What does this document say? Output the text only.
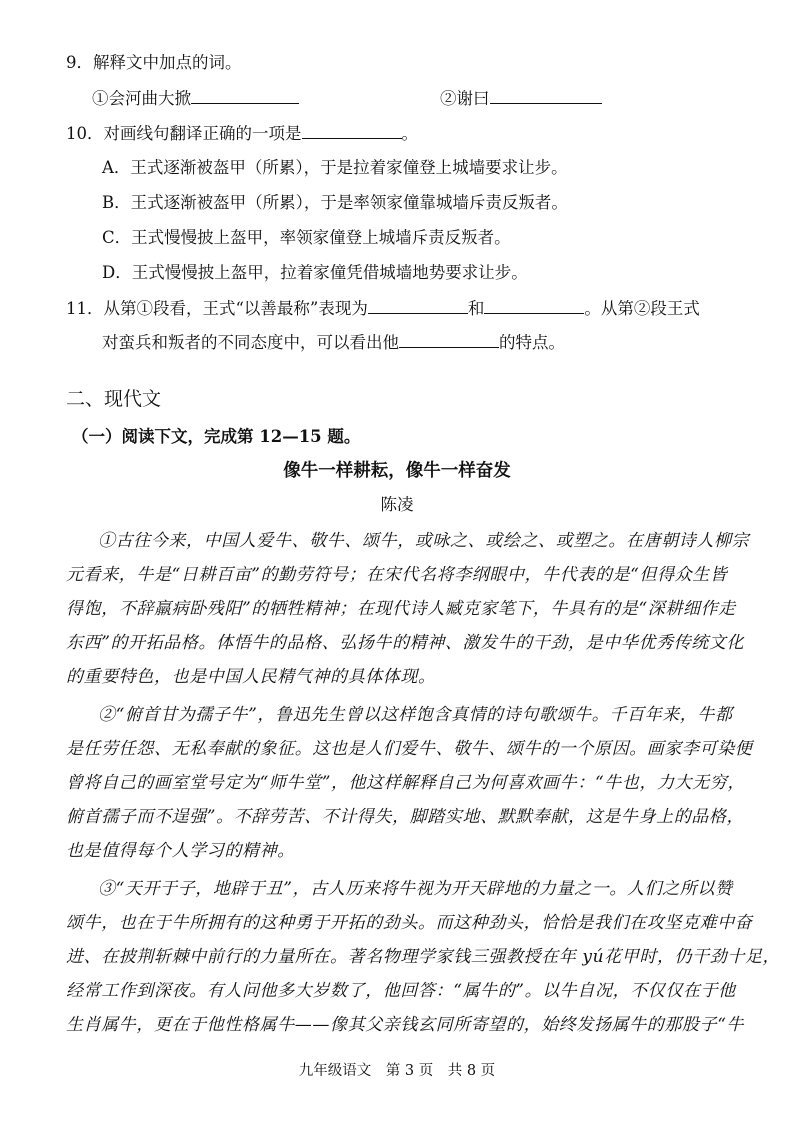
9．解释文中加点的词。
①会河曲大掀	②谢曰
10．对画线句翻译正确的一项是	。
A．王式逐渐被盔甲（所累），于是拉着家僮登上城墙要求让步。
B．王式逐渐被盔甲（所累），于是率领家僮靠城墙斥责反叛者。
C．王式慢慢披上盔甲，率领家僮登上城墙斥责反叛者。
D．王式慢慢披上盔甲，拉着家僮凭借城墙地势要求让步。
11．从第①段看，王式“以善最称”表现为	和	。从第②段王式
对蛮兵和叛者的不同态度中，可以看出他	的特点。
二、现代文
（一）阅读下文，完成第 12—15 题。
像牛一样耕耘，像牛一样奋发
陈凌
①古往今来，中国人爱牛、敬牛、颂牛，或咏之、或绘之、或塑之。在唐朝诗人柳宗
元看来，牛是“日耕百亩”的勤劳符号；在宋代名将李纲眼中，牛代表的是“但得众生皆
得饱，不辞羸病卧残阳”的牺牲精神；在现代诗人臧克家笔下，牛具有的是“深耕细作走
东西”的开拓品格。体悟牛的品格、弘扬牛的精神、激发牛的干劲，是中华优秀传统文化
的重要特色，也是中国人民精气神的具体体现。
②“俯首甘为孺子牛”，鲁迅先生曾以这样饱含真情的诗句歌颂牛。千百年来，牛都
是任劳任怨、无私奉献的象征。这也是人们爱牛、敬牛、颂牛的一个原因。画家李可染便
曾将自己的画室堂号定为“师牛堂”，他这样解释自己为何喜欢画牛：“牛也，力大无穷，
俯首孺子而不逞强”。不辞劳苦、不计得失，脚踏实地、默默奉献，这是牛身上的品格，
也是值得每个人学习的精神。
③“天开于子，地辟于丑”，古人历来将牛视为开天辟地的力量之一。人们之所以赞
颂牛，也在于牛所拥有的这种勇于开拓的劲头。而这种劲头，恰恰是我们在攻坚克难中奋
进、在披荆斩棘中前行的力量所在。著名物理学家钱三强教授在年 yú花甲时，仍干劲十足，
经常工作到深夜。有人问他多大岁数了，他回答：“属牛的”。以牛自况，不仅仅在于他
生肖属牛，更在于他性格属牛——像其父亲钱玄同所寄望的，始终发扬属牛的那股子“牛
九年级语文　第 3 页　共 8 页
